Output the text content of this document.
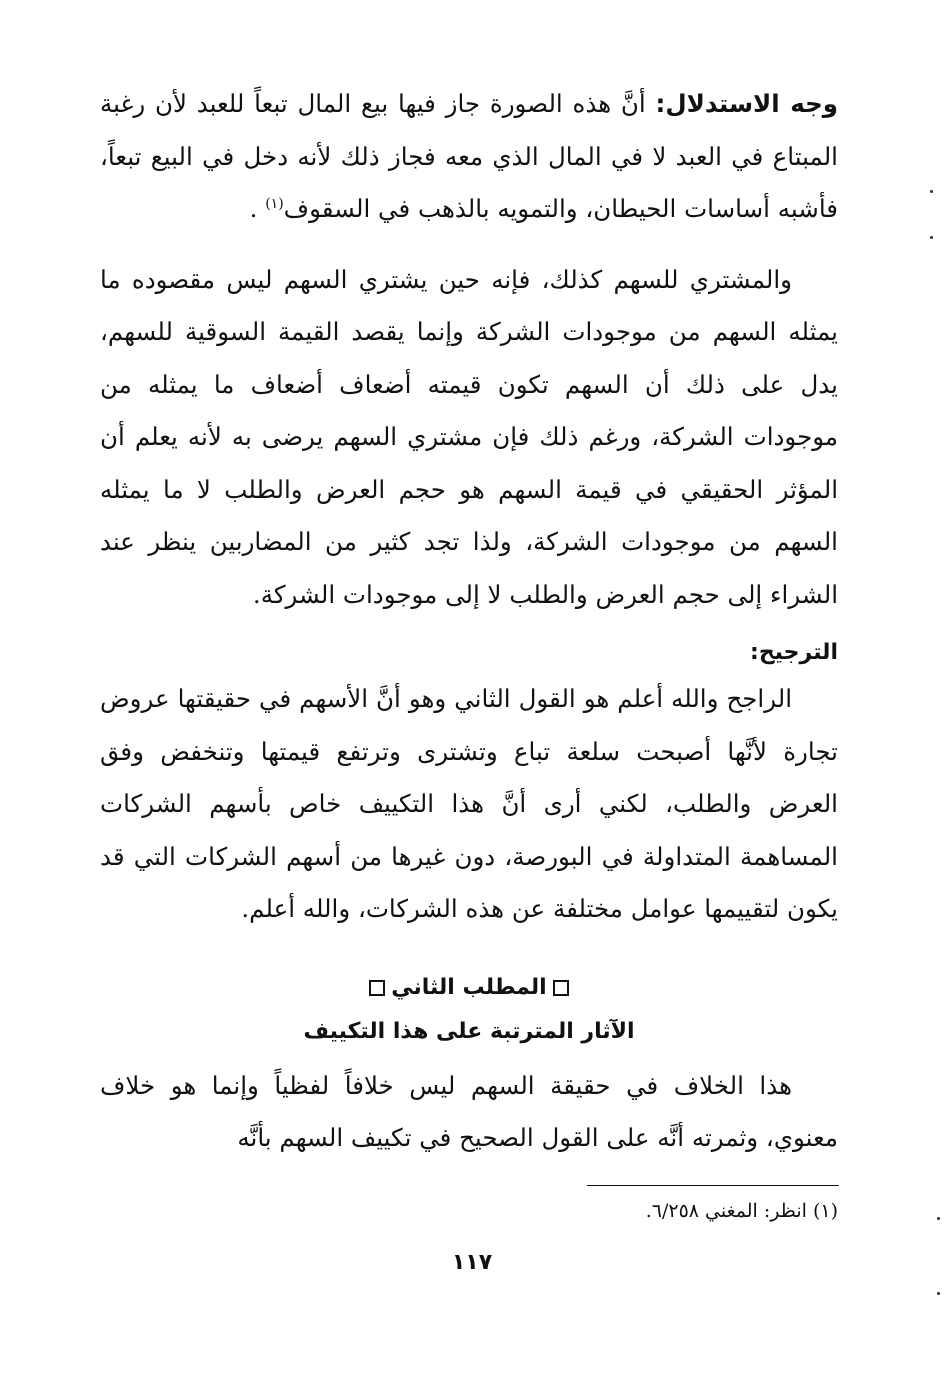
وجه الاستدلال: أنَّ هذه الصورة جاز فيها بيع المال تبعاً للعبد لأن رغبة المبتاع في العبد لا في المال الذي معه فجاز ذلك لأنه دخل في البيع تبعاً، فأشبه أساسات الحيطان، والتمويه بالذهب في السقوف$^{(١)}$ .

والمشتري للسهم كذلك، فإنه حين يشتري السهم ليس مقصوده ما يمثله السهم من موجودات الشركة وإنما يقصد القيمة السوقية للسهم، يدل على ذلك أن السهم تكون قيمته أضعاف أضعاف ما يمثله من موجودات الشركة، ورغم ذلك فإن مشتري السهم يرضى به لأنه يعلم أن المؤثر الحقيقي في قيمة السهم هو حجم العرض والطلب لا ما يمثله السهم من موجودات الشركة، ولذا تجد كثير من المضاربين ينظر عند الشراء إلى حجم العرض والطلب لا إلى موجودات الشركة.

الترجيح:

الراجح والله أعلم هو القول الثاني وهو أنَّ الأسهم في حقيقتها عروض تجارة لأنَّها أصبحت سلعة تباع وتشترى وترتفع قيمتها وتنخفض وفق العرض والطلب، لكني أرى أنَّ هذا التكييف خاص بأسهم الشركات المساهمة المتداولة في البورصة، دون غيرها من أسهم الشركات التي قد يكون لتقييمها عوامل مختلفة عن هذه الشركات، والله أعلم.

المطلب الثاني
الآثار المترتبة على هذا التكييف

هذا الخلاف في حقيقة السهم ليس خلافاً لفظياً وإنما هو خلاف معنوي، وثمرته أنَّه على القول الصحيح في تكييف السهم بأنَّه

(١) انظر: المغني ٦/٢٥٨.
١١٧
